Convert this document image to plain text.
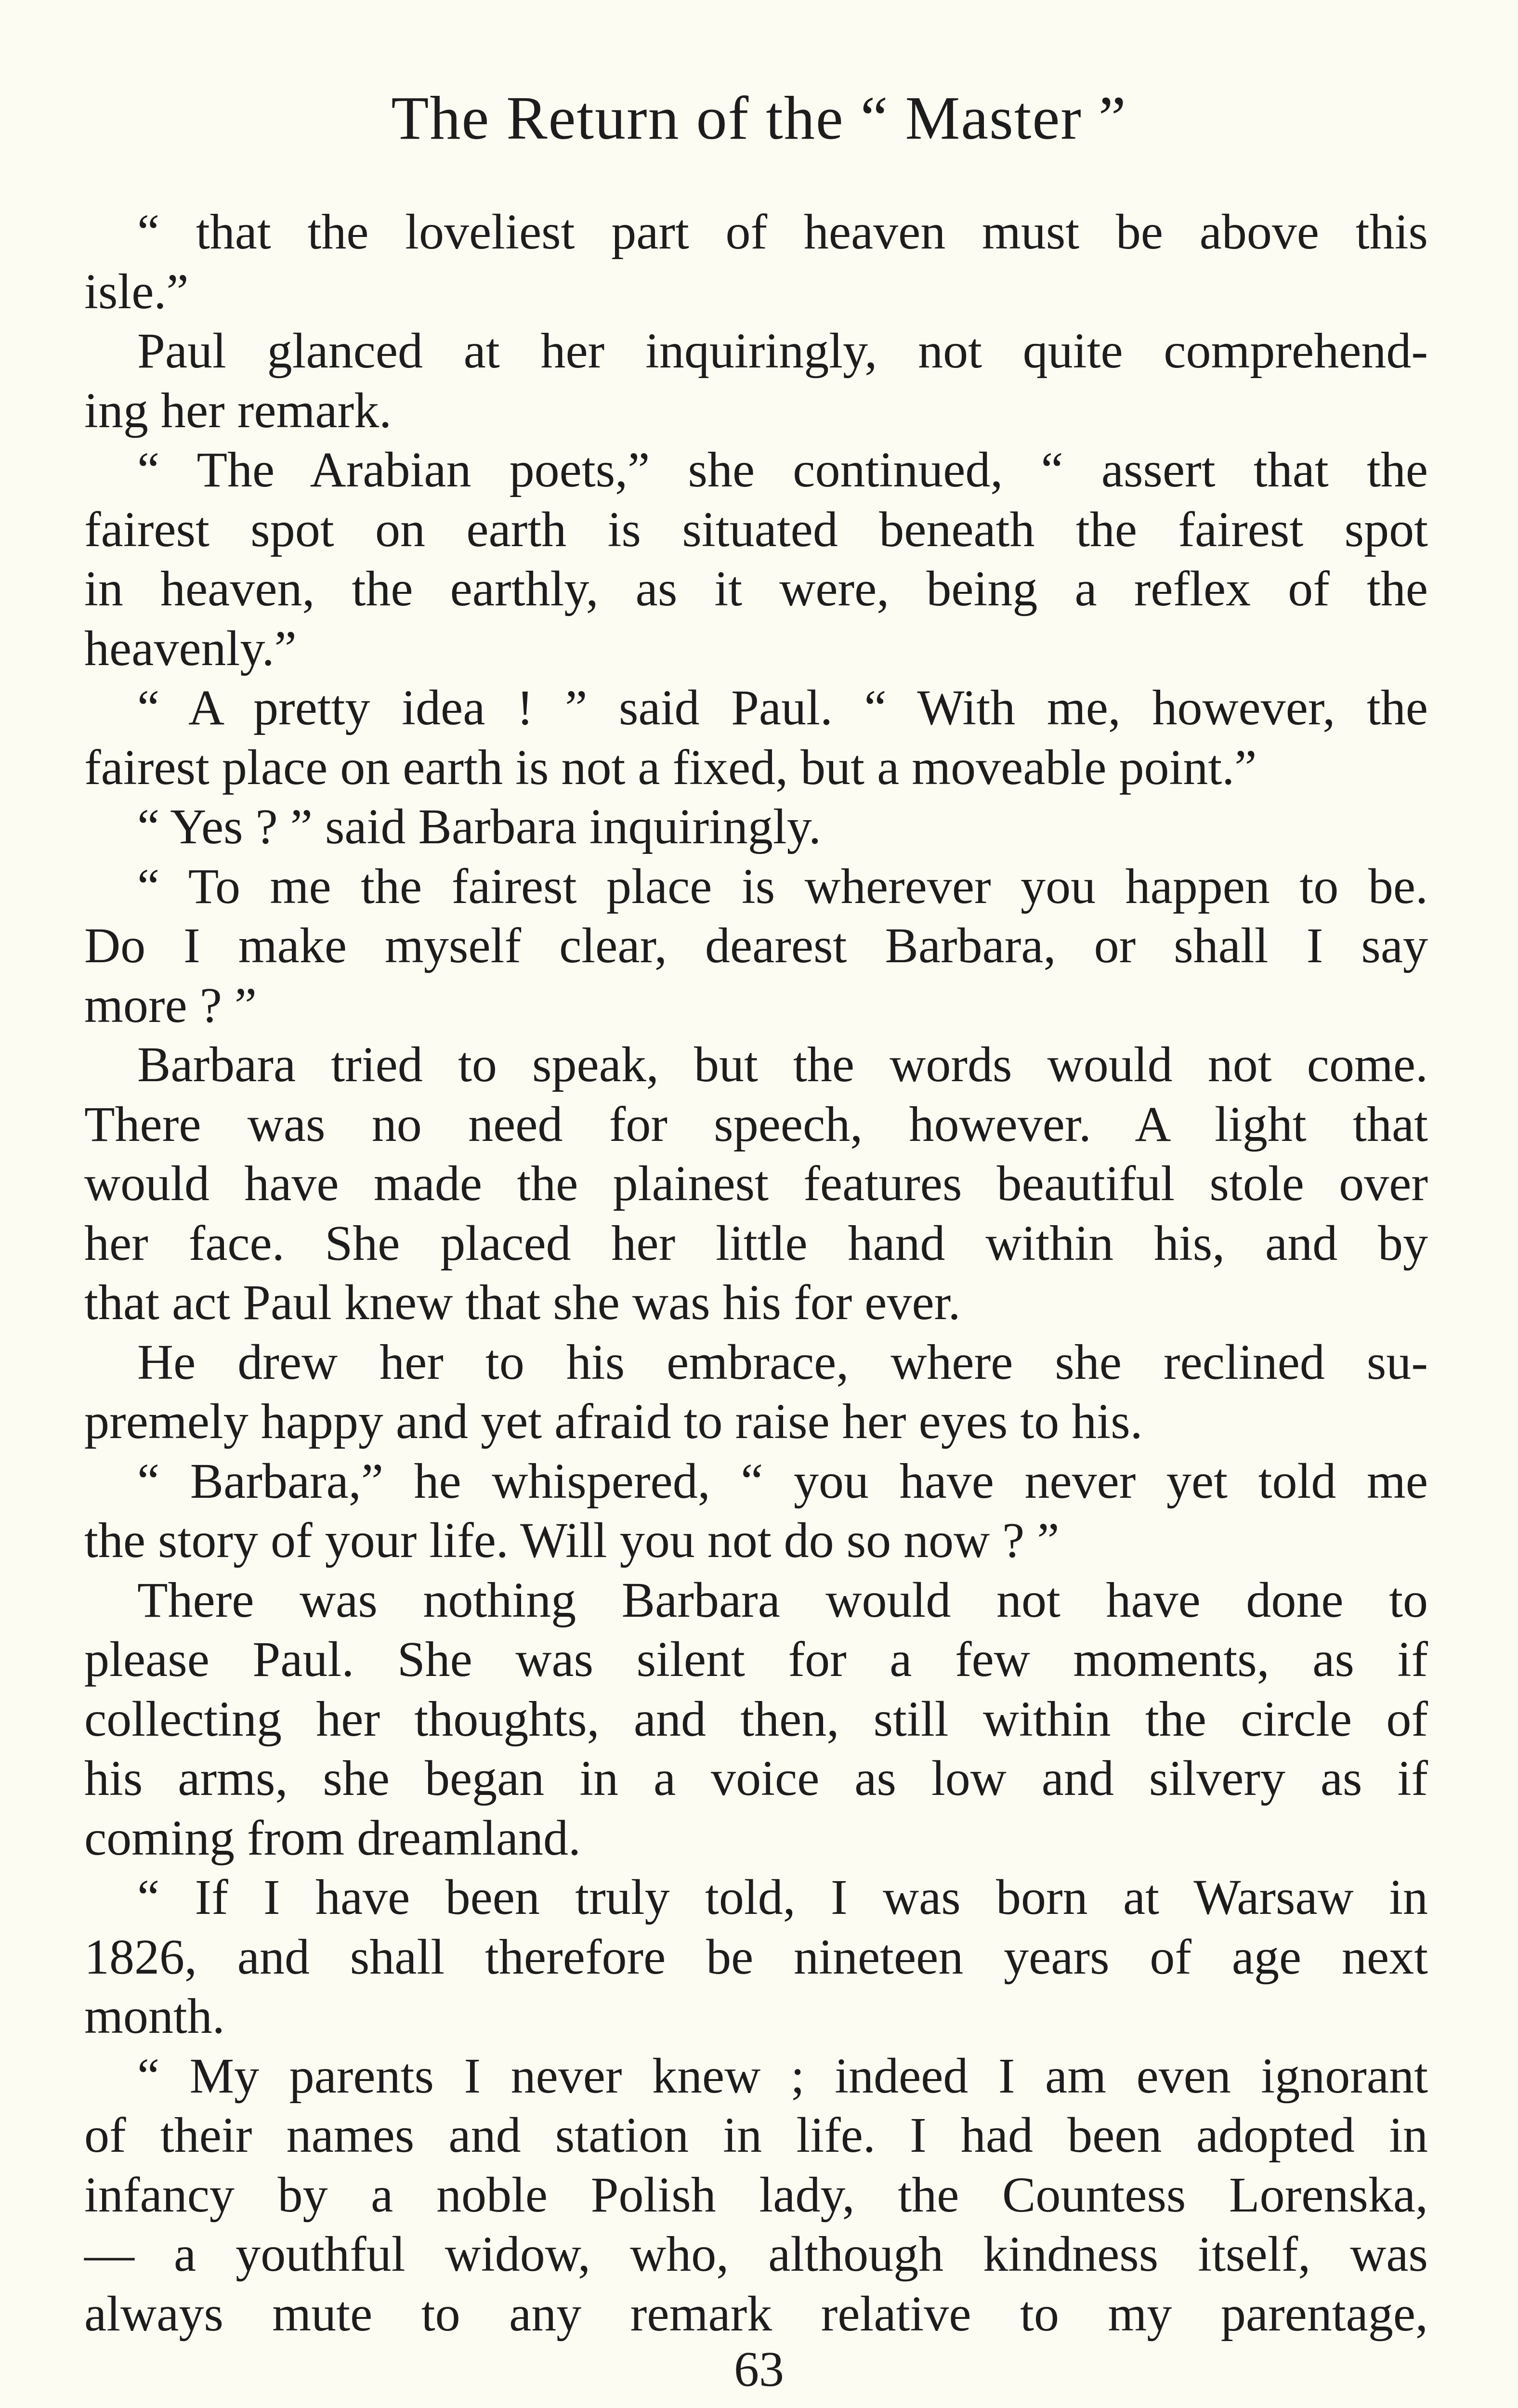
The Return of the “ Master ”
“ that the loveliest part of heaven must be above this
isle.”
Paul glanced at her inquiringly, not quite comprehend-
ing her remark.
“ The Arabian poets,” she continued, “ assert that the
fairest spot on earth is situated beneath the fairest spot
in heaven, the earthly, as it were, being a reflex of the
heavenly.”
“ A pretty idea ! ” said Paul. “ With me, however, the
fairest place on earth is not a fixed, but a moveable point.”
“ Yes ? ” said Barbara inquiringly.
“ To me the fairest place is wherever you happen to be.
Do I make myself clear, dearest Barbara, or shall I say
more ? ”
Barbara tried to speak, but the words would not come.
There was no need for speech, however. A light that
would have made the plainest features beautiful stole over
her face. She placed her little hand within his, and by
that act Paul knew that she was his for ever.
He drew her to his embrace, where she reclined su-
premely happy and yet afraid to raise her eyes to his.
“ Barbara,” he whispered, “ you have never yet told me
the story of your life. Will you not do so now ? ”
There was nothing Barbara would not have done to
please Paul. She was silent for a few moments, as if
collecting her thoughts, and then, still within the circle of
his arms, she began in a voice as low and silvery as if
coming from dreamland.
“ If I have been truly told, I was born at Warsaw in
1826, and shall therefore be nineteen years of age next
month.
“ My parents I never knew ; indeed I am even ignorant
of their names and station in life. I had been adopted in
infancy by a noble Polish lady, the Countess Lorenska,
— a youthful widow, who, although kindness itself, was
always mute to any remark relative to my parentage,
63
